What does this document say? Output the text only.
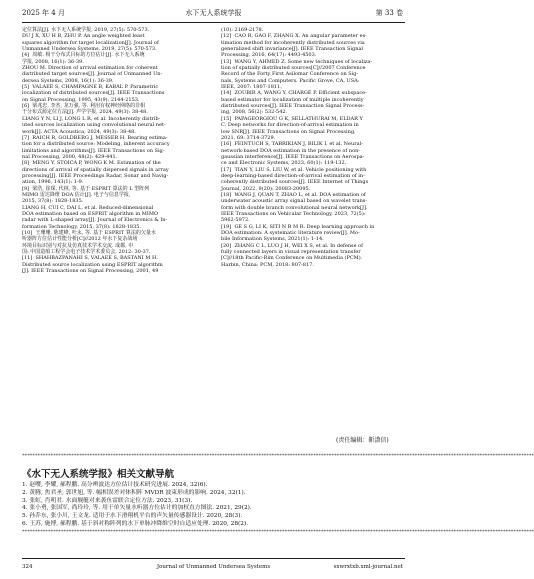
2025 年 4 月	水下无人系统学报	第 33 卷
定位算法[J]. 水下无人系统学报, 2019, 27(5): 570-573.
DU J X, XU H B, ZHU P. An angle weighted least
squares algorithm for target localization[J]. Journal of
Unmanned Undersea Systems, 2019, 27(5): 570-573.
[4]  周敏. 相干分布式目标的方位估计[J]. 水下无人系统
学报, 2008, 16(1): 36-39.
ZHOU M. Direction of arrival estimation for coherent
distributed target sources[J]. Journal of Unmanned Un-
dersea Systems, 2008, 16(1): 36-39.
[5]  VALAEE S, CHAMPAGNE B, KABAL P. Parametric
localization of distributed sources[J]. IEEE Transactions
on Signal Processing, 1995, 43(9), 2144-2153.
[6]  梁兆忠, 李杰, 龙万强, 等. 利用有权神经网络的非相
干分布式源定位方法[J]. 声学学报, 2024, 49(3): 38-48.
LIANG Y N, LI J, LONG L R, et al. Incoherently distrib-
uted sources localization using convolutional neural net-
work[J]. ACTA Acoustica, 2024, 49(3): 38-48.
[7]  RAICH R, GOLDBERG J, MESSER H. Bearing estima-
tion for a distributed source: Modeling, inherent accuracy
limitations and algorithms[J]. IEEE Transactions on Sig-
nal Processing, 2000, 48(2): 429-441.
[8]  MENG Y, STOICA P, WONG K M. Estimation of the
directions of arrival of spatially dispersed signals in array
processing[J]. IEEE Proceedings Radar, Sonar and Navig-
ation, 1996, 143(1): 1-9.
[9]  梁浩, 崔琛, 代林, 等. 基于 ESPRIT 算法的 L 型阵列
MIMO 雷达降维 DOA 估计[J]. 电子与信息学报,
2015, 37(8): 1828-1835.
LIANG H, CUI C, DAI L, et al. Reduced-dimensional
DOA estimation based on ESPRIT algorithm in MIMO
radar with L-shaped array[J]. Journal of Electronics & In-
formation Technology, 2015, 37(8): 1828-1835.
[10]  王珊珊, 陈建峰, 叶永, 等. 基于 ESPRIT 算法的欠量水
听器阵方位估计性能分析[C]//2012 年水下复杂战场
环境目标识别与对抗及仿真技术学术交流. 成都, 中
国: 中国造船工程学会电子技术学术委员会, 2012: 30-37.
[11]  SHAHBAZPANAHI S, VALAEE S, BASTANI M H.
Distributed source localization using ESPRIT algorithm
[J]. IEEE Transactions on Signal Processing, 2001, 49
(10): 2169-2178.
[12]  CAO R, GAO F, ZHANG X. An angular parameter es-
timation method for incoherently distributed sources via
generalized shift invariance[J]. IEEE Transaction Signal
Processing, 2016, 64(17): 4493-4503.
[13]  WANG Y, AHMED Z. Some new techniques of localiza-
tion of spatially distributed sources[C]//2007 Conference
Record of the Forty First Asilomar Conference on Sig-
nals, Systems and Computers. Pacific Grove, CA, USA:
IEEE, 2007: 1807-1811.
[14]  ZOUBIR A, WANG Y, CHARGÉ P. Efficient subspace-
based estimator for localization of multiple incoherently
distributed sources[J]. IEEE Transaction Signal Process-
ing, 2008, 56(2): 532-542.
[15]  PAPAGEORGIOU G K, SELLATHURAI M, ELDAR Y
C. Deep networks for direction-of-arrival estimation in
low SNR[J]. IEEE Transactions on Signal Processing,
2021, 69: 3714-3729.
[16]  FEINTUCH S, TABRIKIAN J, BILIK I, et al. Neural-
network-based DOA estimation in the presence of non-
gaussian interference[J]. IEEE Transactions on Aerospa-
ce and Electronic Systems, 2023, 60(1): 119-132.
[17]  TIAN Y, LIU S, LIU W, et al. Vehicle positioning with
deep-learning-based direction-of-arrival estimation of in-
coherently distributed sources[J]. IEEE Internet of Things
Journal, 2022, 9(20): 20083-20095.
[18]  WANG J, QUAN T, ZHAO L, et al. DOA estimation of
underwater acoustic array signal based on wavelet trans-
form with double branch convolutional neural network[J].
IEEE Transactions on Vehicular Technology, 2023, 72(5):
5962-5972.
[19]  GE S G, LI K, SITI N B M R. Deep learning approach in
DOA estimation: A systematic literature review[J]. Mo-
bile Information Systems, 2021(1): 1-14.
[20]  ZHANG C L, LUO J H, WEI X S, et al. In defense of
fully connected layers in visual representation transfer
[C]//18th Pacific-Rim Conference on Multimedia (PCM).
Harbin, China: PCM, 2018: 807-817.
(责任编辑：靳潇信)
*****************************************************************************************************************************************************************************************************
《水下无人系统学报》相关文献导航
1. 赵嘤, 李耀, 郝程鹏. 高分辨波达方位估计技术研究进展. 2024, 32(6).
2. 黄腾, 焦君圣, 郭世旭, 等. 幅相误差对体积阵 MVDR 波束形成的影响. 2024, 32(1).
3. 张虹, 肖明君. 水面舰艇对来袭鱼雷联合定位方法. 2023, 31(3).
4. 张小勇, 张国军, 尚玲玲, 等. 用于单矢量水听器方位估计的加权直方图法. 2021, 29(2).
5. 孙乔东, 张小川, 王文龙. 适用于水下滑翔机平台的声矢量传感器设计. 2020, 28(3).
6. 王苏, 施博, 郝程鹏. 基于斜对称阵列的水下单脉冲降维空时自适应处理. 2020, 28(2).
*****************************************************************************************************************************************************************************************************
324	Journal of Unmanned Undersea Systems	sxwrxtxb.xml-journal.net
